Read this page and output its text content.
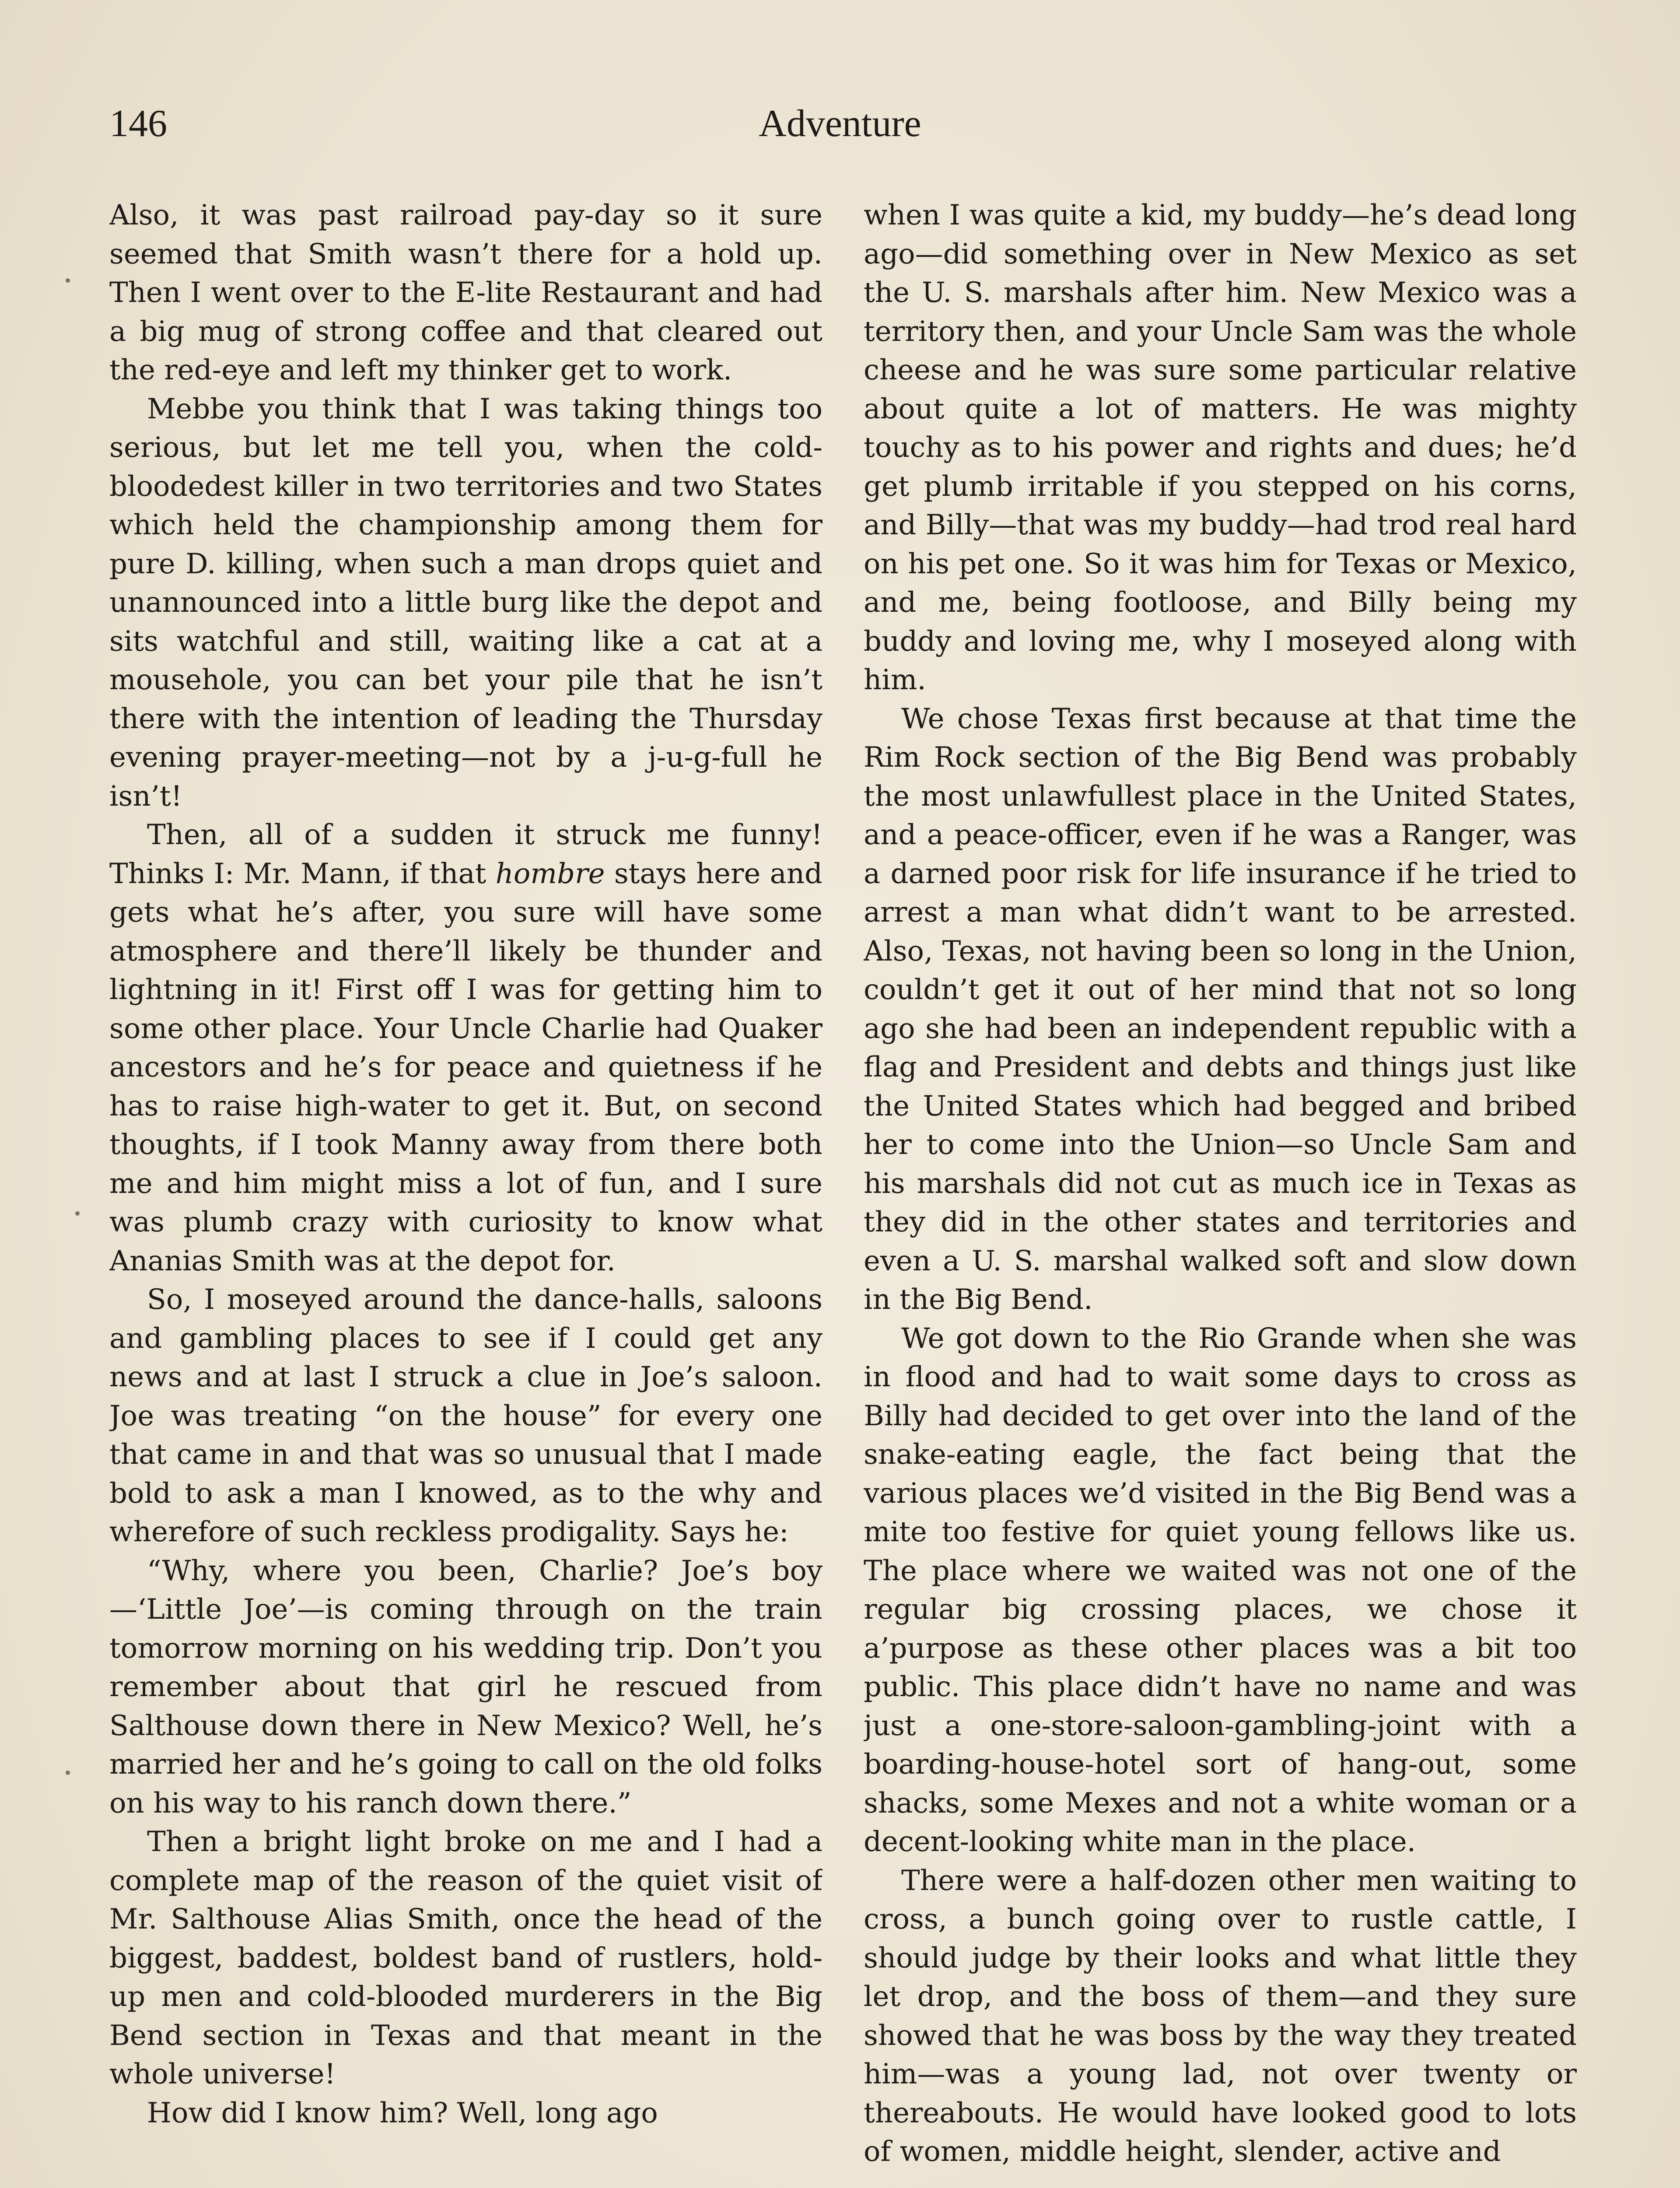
146	Adventure

Also, it was past railroad pay-day so it sure seemed that Smith wasn’t there for a hold up. Then I went over to the E-lite Restaurant and had a big mug of strong coffee and that cleared out the red-eye and left my thinker get to work.

Mebbe you think that I was taking things too serious, but let me tell you, when the cold-bloodedest killer in two territories and two States which held the championship among them for pure D. killing, when such a man drops quiet and unannounced into a little burg like the depot and sits watchful and still, waiting like a cat at a mousehole, you can bet your pile that he isn’t there with the intention of leading the Thursday evening prayer-meeting—not by a j-u-g-full he isn’t!

Then, all of a sudden it struck me funny! Thinks I: Mr. Mann, if that hombre stays here and gets what he’s after, you sure will have some atmosphere and there’ll likely be thunder and lightning in it! First off I was for getting him to some other place. Your Uncle Charlie had Quaker ancestors and he’s for peace and quietness if he has to raise high-water to get it. But, on second thoughts, if I took Manny away from there both me and him might miss a lot of fun, and I sure was plumb crazy with curiosity to know what Ananias Smith was at the depot for.

So, I moseyed around the dance-halls, saloons and gambling places to see if I could get any news and at last I struck a clue in Joe’s saloon. Joe was treating “on the house” for every one that came in and that was so unusual that I made bold to ask a man I knowed, as to the why and wherefore of such reckless prodigality. Says he:

“Why, where you been, Charlie? Joe’s boy—‘Little Joe’—is coming through on the train tomorrow morning on his wedding trip. Don’t you remember about that girl he rescued from Salthouse down there in New Mexico? Well, he’s married her and he’s going to call on the old folks on his way to his ranch down there.”

Then a bright light broke on me and I had a complete map of the reason of the quiet visit of Mr. Salthouse Alias Smith, once the head of the biggest, baddest, boldest band of rustlers, hold-up men and cold-blooded murderers in the Big Bend section in Texas and that meant in the whole universe!

How did I know him? Well, long ago

when I was quite a kid, my buddy—he’s dead long ago—did something over in New Mexico as set the U. S. marshals after him. New Mexico was a territory then, and your Uncle Sam was the whole cheese and he was sure some particular relative about quite a lot of matters. He was mighty touchy as to his power and rights and dues; he’d get plumb irritable if you stepped on his corns, and Billy—that was my buddy—had trod real hard on his pet one. So it was him for Texas or Mexico, and me, being footloose, and Billy being my buddy and loving me, why I moseyed along with him.

We chose Texas first because at that time the Rim Rock section of the Big Bend was probably the most unlawfullest place in the United States, and a peace-officer, even if he was a Ranger, was a darned poor risk for life insurance if he tried to arrest a man what didn’t want to be arrested. Also, Texas, not having been so long in the Union, couldn’t get it out of her mind that not so long ago she had been an independent republic with a flag and President and debts and things just like the United States which had begged and bribed her to come into the Union—so Uncle Sam and his marshals did not cut as much ice in Texas as they did in the other states and territories and even a U. S. marshal walked soft and slow down in the Big Bend.

We got down to the Rio Grande when she was in flood and had to wait some days to cross as Billy had decided to get over into the land of the snake-eating eagle, the fact being that the various places we’d visited in the Big Bend was a mite too festive for quiet young fellows like us. The place where we waited was not one of the regular big crossing places, we chose it a’purpose as these other places was a bit too public. This place didn’t have no name and was just a one-store-saloon-gambling-joint with a boarding-house-hotel sort of hang-out, some shacks, some Mexes and not a white woman or a decent-looking white man in the place.

There were a half-dozen other men waiting to cross, a bunch going over to rustle cattle, I should judge by their looks and what little they let drop, and the boss of them—and they sure showed that he was boss by the way they treated him—was a young lad, not over twenty or thereabouts. He would have looked good to lots of women, middle height, slender, active and
